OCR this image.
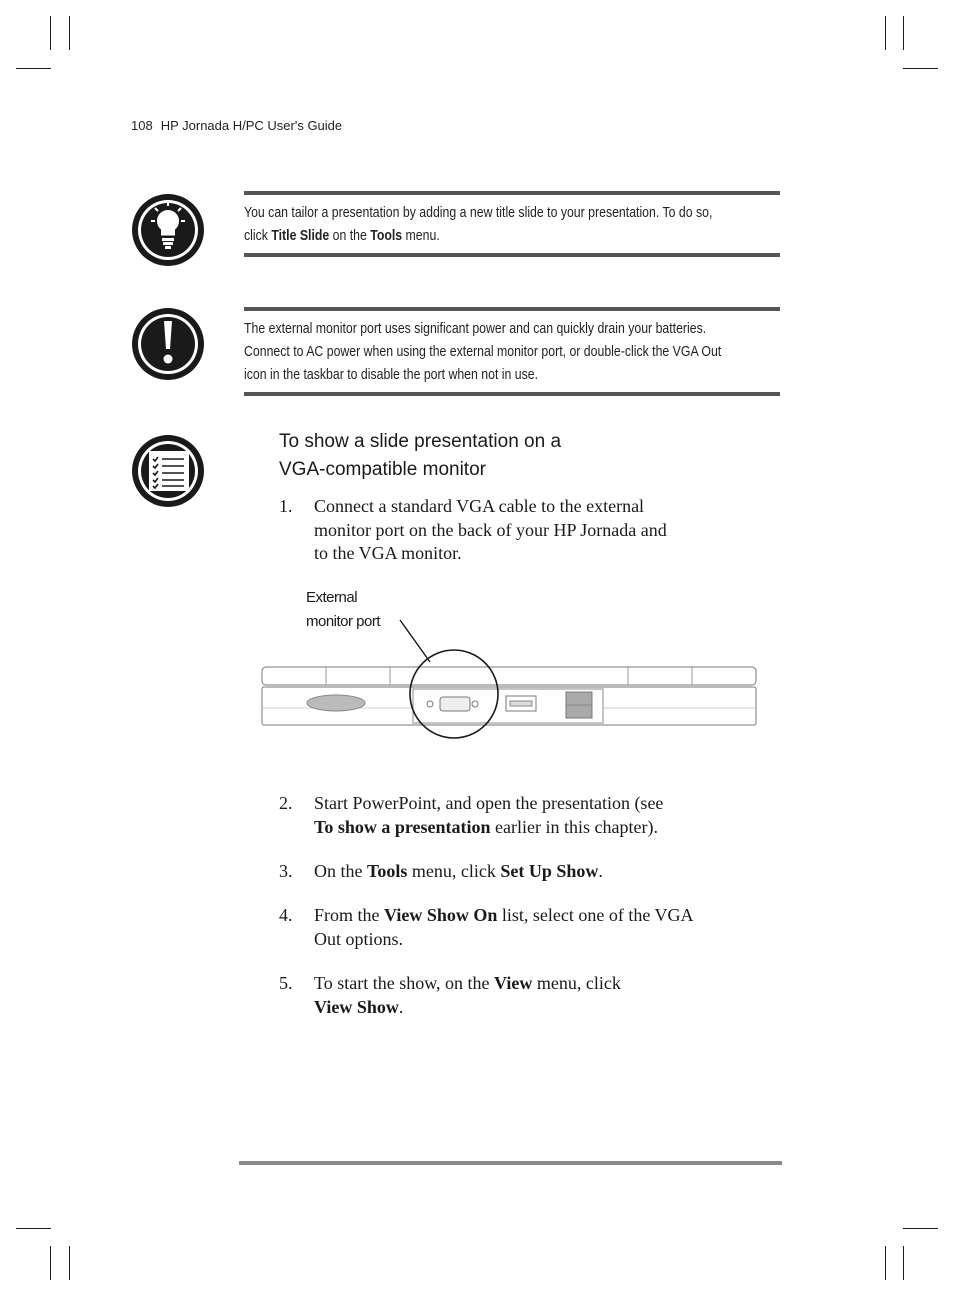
108 HP Jornada H/PC User's Guide
You can tailor a presentation by adding a new title slide to your presentation. To do so,
click Title Slide on the Tools menu.
The external monitor port uses significant power and can quickly drain your batteries.
Connect to AC power when using the external monitor port, or double-click the VGA Out
icon in the taskbar to disable the port when not in use.
To show a slide presentation on a
VGA-compatible monitor
1.	Connect a standard VGA cable to the external
monitor port on the back of your HP Jornada and
to the VGA monitor.
External
monitor port
2.	Start PowerPoint, and open the presentation (see
To show a presentation earlier in this chapter).
3.	On the Tools menu, click Set Up Show.
4.	From the View Show On list, select one of the VGA
Out options.
5.	To start the show, on the View menu, click
View Show.
